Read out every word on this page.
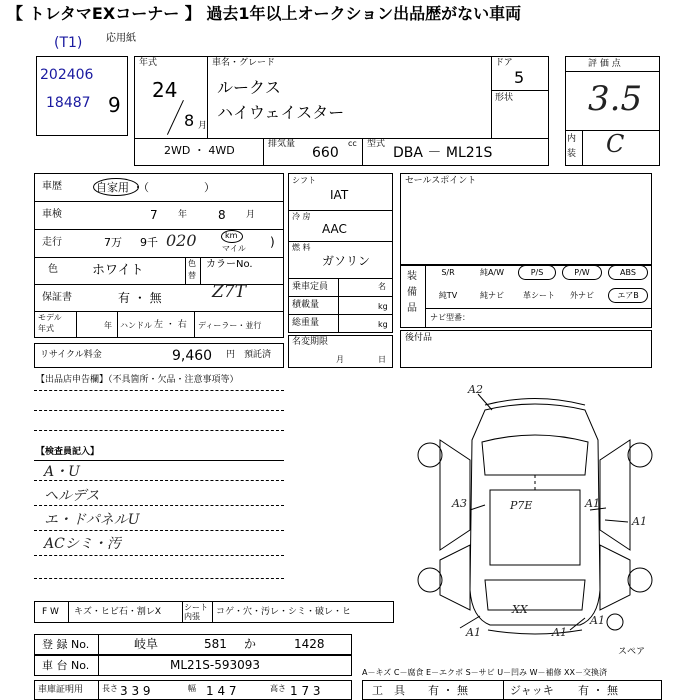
【 トレタマEXコーナー 】 過去1年以上オークション出品歴がない車両
(T1) 応用紙
202406
18487 9
年式
24
8 月
車名・グレード
ルークス
ハイウェイスター
ドア
5
形状
2WD ・ 4WD	排気量
660
cc 型式
DBA － ML21S
評 価 点
3.5
内
装 C
車歴	自家用 ・（　　　　　）
車検	7 年	8 月
走行	7万 9千 020	km
マイル )
色	ホワイト	色
替
カラーNo.
保証書	有 ・ 無	Z7T
モデル
年式	年 ハンドル 左 ・ 右 ディーラー・並行
リサイクル料金	9,460 円 預託済
シフト
IAT
冷 房
AAC
燃 料
ガソリン
乗車定員	名
積載量	kg
総重量	kg
名変期限
月	日
セールスポイント
装
備
品
S/R	純A/W	P/S	P/W	ABS
純TV	純ナビ	革シート	外ナビ	エアB
ナビ型番：
後付品
【出品店申告欄】（不具箇所・欠品・注意事項等）
【検査員記入】
A・U
ヘルデス
エ・ドパネルU
ACシミ・汚
A2
A3	P7E	A1
A1
A1	A1
A1
XX
スペア
F W キズ・ヒビ石・割レX	シート
内張	コゲ・穴・汚レ・シミ・破レ・ヒ
登 録 No.	岐阜	581 か	1428
車 台 No.	ML21S-593093
A－キズ C－腐食 E－エクボ S－サビ U－凹み W－補修 XX－交換済
車庫証明用 長さ 3 3 9	幅 1 4 7	高さ 1 7 3	工　具 有 ・ 無	ジャッキ 有 ・ 無
